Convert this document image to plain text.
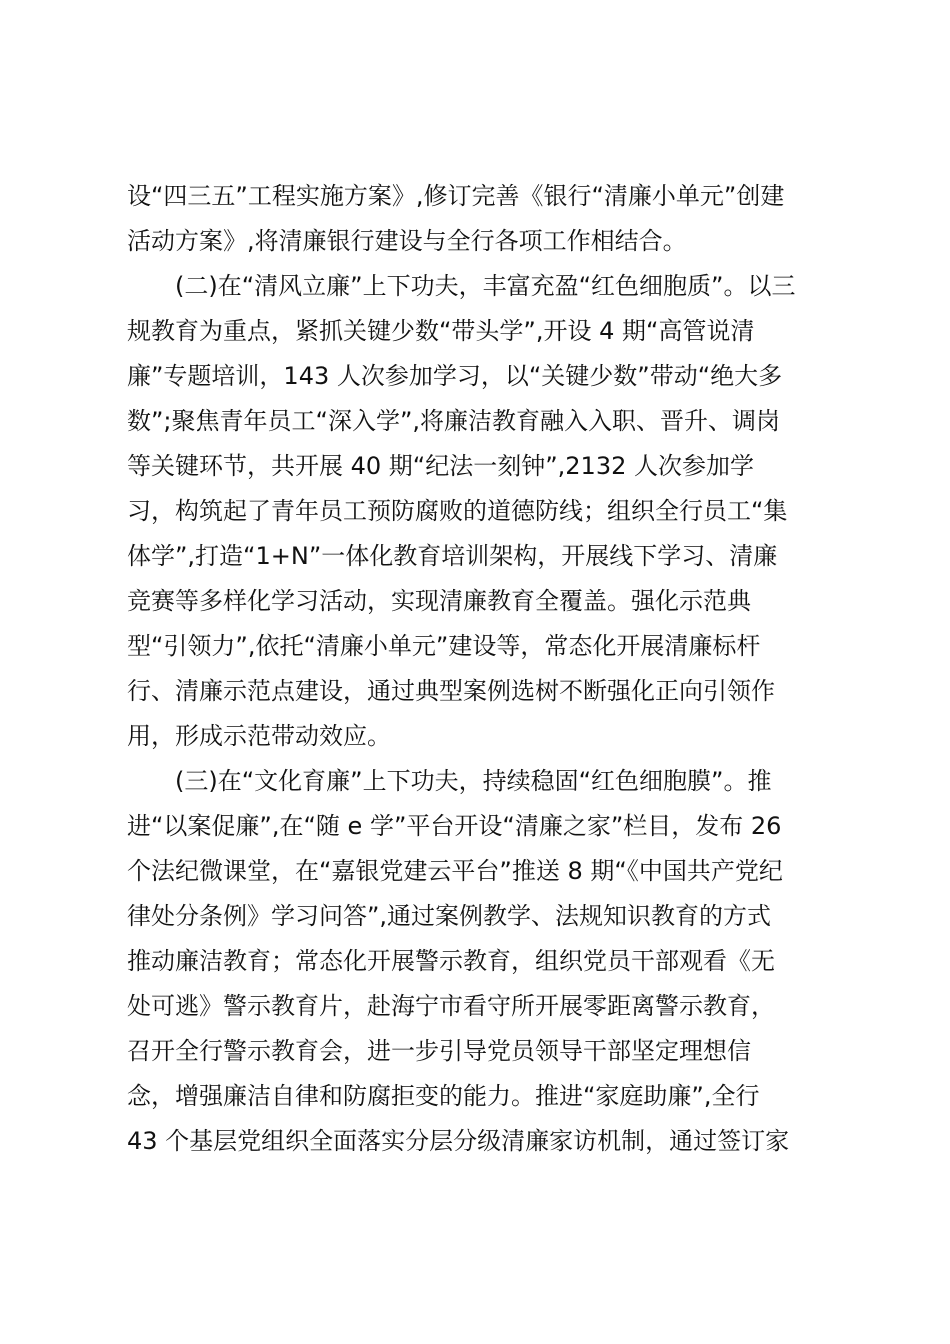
设“四三五”工程实施方案》,修订完善《银行“清廉小单元”创建
活动方案》,将清廉银行建设与全行各项工作相结合。
(二)在“清风立廉”上下功夫，丰富充盈“红色细胞质”。以三
规教育为重点，紧抓关键少数“带头学”,开设 4 期“高管说清
廉”专题培训，143 人次参加学习，以“关键少数”带动“绝大多
数”;聚焦青年员工“深入学”,将廉洁教育融入入职、晋升、调岗
等关键环节，共开展 40 期“纪法一刻钟”,2132 人次参加学
习，构筑起了青年员工预防腐败的道德防线；组织全行员工“集
体学”,打造“1+N”一体化教育培训架构，开展线下学习、清廉
竞赛等多样化学习活动，实现清廉教育全覆盖。强化示范典
型“引领力”,依托“清廉小单元”建设等，常态化开展清廉标杆
行、清廉示范点建设，通过典型案例选树不断强化正向引领作
用，形成示范带动效应。
(三)在“文化育廉”上下功夫，持续稳固“红色细胞膜”。推
进“以案促廉”,在“随 e 学”平台开设“清廉之家”栏目，发布 26
个法纪微课堂，在“嘉银党建云平台”推送 8 期“《中国共产党纪
律处分条例》学习问答”,通过案例教学、法规知识教育的方式
推动廉洁教育；常态化开展警示教育，组织党员干部观看《无
处可逃》警示教育片，赴海宁市看守所开展零距离警示教育，
召开全行警示教育会，进一步引导党员领导干部坚定理想信
念，增强廉洁自律和防腐拒变的能力。推进“家庭助廉”,全行
43 个基层党组织全面落实分层分级清廉家访机制，通过签订家
